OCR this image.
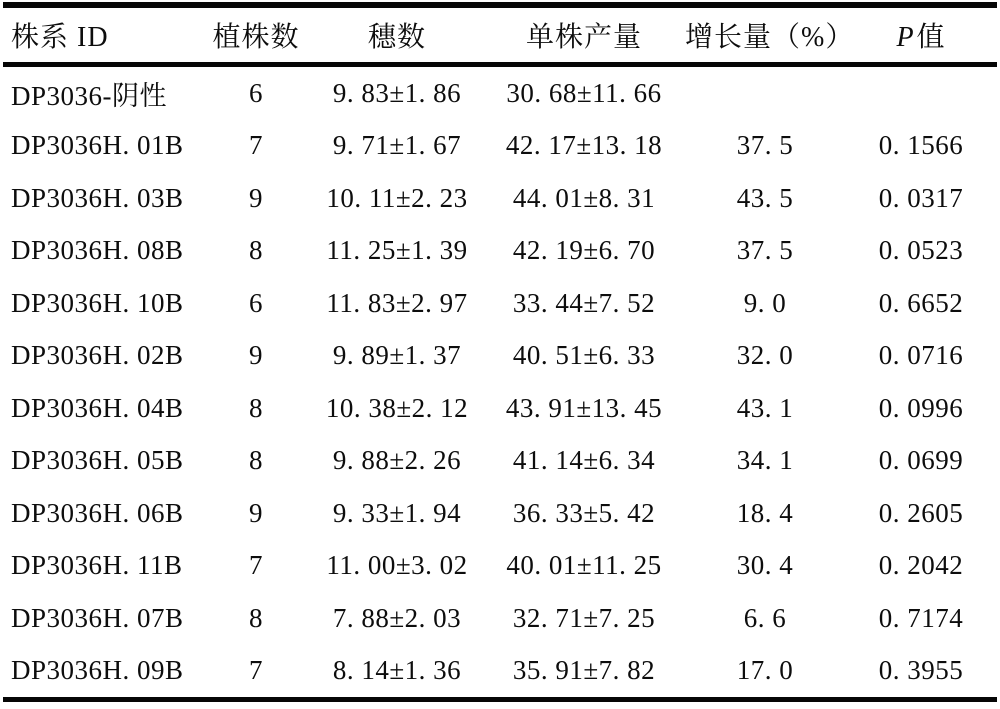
株系 ID	植株数	穗数	单株产量	增长量（%）	P值
DP3036-阴性	6	9. 83±1. 86	30. 68±11. 66		
DP3036H. 01B	7	9. 71±1. 67	42. 17±13. 18	37. 5	0. 1566
DP3036H. 03B	9	10. 11±2. 23	44. 01±8. 31	43. 5	0. 0317
DP3036H. 08B	8	11. 25±1. 39	42. 19±6. 70	37. 5	0. 0523
DP3036H. 10B	6	11. 83±2. 97	33. 44±7. 52	9. 0	0. 6652
DP3036H. 02B	9	9. 89±1. 37	40. 51±6. 33	32. 0	0. 0716
DP3036H. 04B	8	10. 38±2. 12	43. 91±13. 45	43. 1	0. 0996
DP3036H. 05B	8	9. 88±2. 26	41. 14±6. 34	34. 1	0. 0699
DP3036H. 06B	9	9. 33±1. 94	36. 33±5. 42	18. 4	0. 2605
DP3036H. 11B	7	11. 00±3. 02	40. 01±11. 25	30. 4	0. 2042
DP3036H. 07B	8	7. 88±2. 03	32. 71±7. 25	6. 6	0. 7174
DP3036H. 09B	7	8. 14±1. 36	35. 91±7. 82	17. 0	0. 3955
